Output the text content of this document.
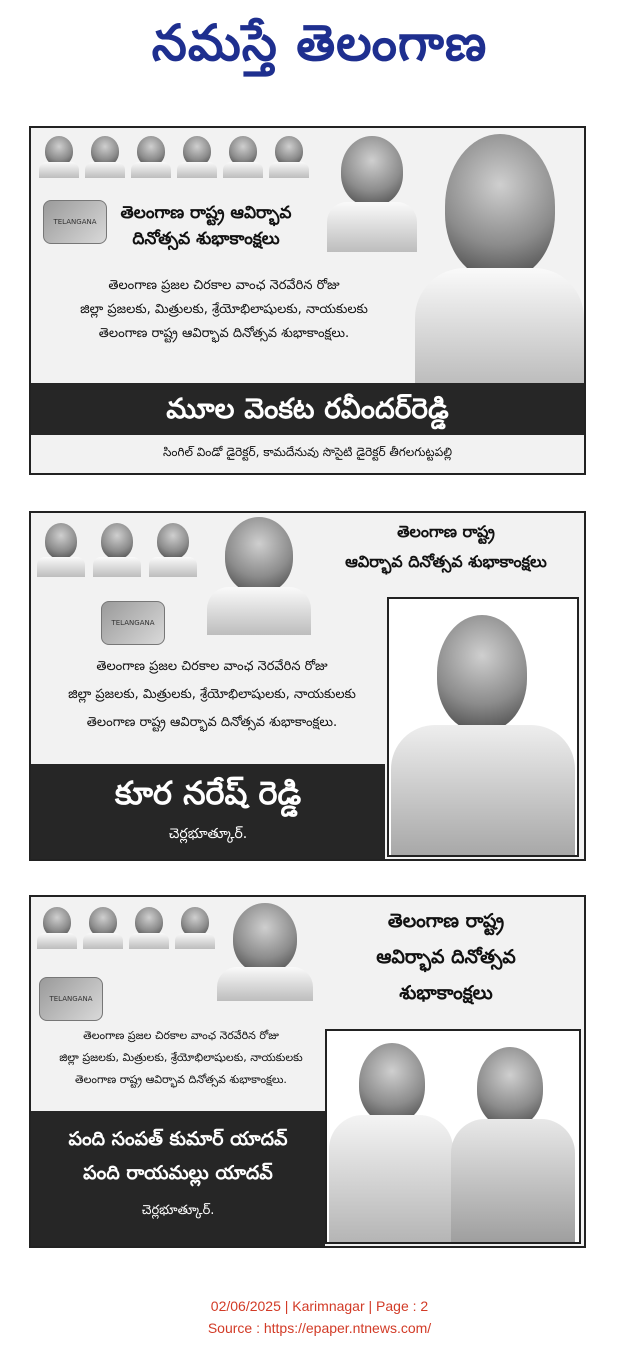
నమస్తే తెలంగాణ
TELANGANA	తెలంగాణ రాష్ట్ర ఆవిర్భావ
దినోత్సవ శుభాకాంక్షలు
తెలంగాణ ప్రజల చిరకాల వాంఛ నెరవేరిన రోజు
జిల్లా ప్రజలకు, మిత్రులకు, శ్రేయోభిలాషులకు, నాయకులకు
తెలంగాణ రాష్ట్ర ఆవిర్భావ దినోత్సవ శుభాకాంక్షలు.
మూల వెంకట రవీందర్‌రెడ్డి
సింగిల్ విండో డైరెక్టర్, కామదేనువు సొసైటి డైరెక్టర్ తీగలగుట్టపల్లి
TELANGANA
తెలంగాణ రాష్ట్ర
ఆవిర్భావ దినోత్సవ శుభాకాంక్షలు
తెలంగాణ ప్రజల చిరకాల వాంఛ నెరవేరిన రోజు
జిల్లా ప్రజలకు, మిత్రులకు, శ్రేయోభిలాషులకు, నాయకులకు
తెలంగాణ రాష్ట్ర ఆవిర్భావ దినోత్సవ శుభాకాంక్షలు.
కూర నరేష్ రెడ్డి
చెర్లభూత్కూర్.
TELANGANA
తెలంగాణ రాష్ట్ర
ఆవిర్భావ దినోత్సవ
శుభాకాంక్షలు
తెలంగాణ ప్రజల చిరకాల వాంఛ నెరవేరిన రోజు
జిల్లా ప్రజలకు, మిత్రులకు, శ్రేయోభిలాషులకు, నాయకులకు
తెలంగాణ రాష్ట్ర ఆవిర్భావ దినోత్సవ శుభాకాంక్షలు.
పంది సంపత్ కుమార్ యాదవ్
పంది రాయమల్లు యాదవ్
చెర్లభూత్కూర్.
02/06/2025 | Karimnagar | Page : 2
Source : https://epaper.ntnews.com/
